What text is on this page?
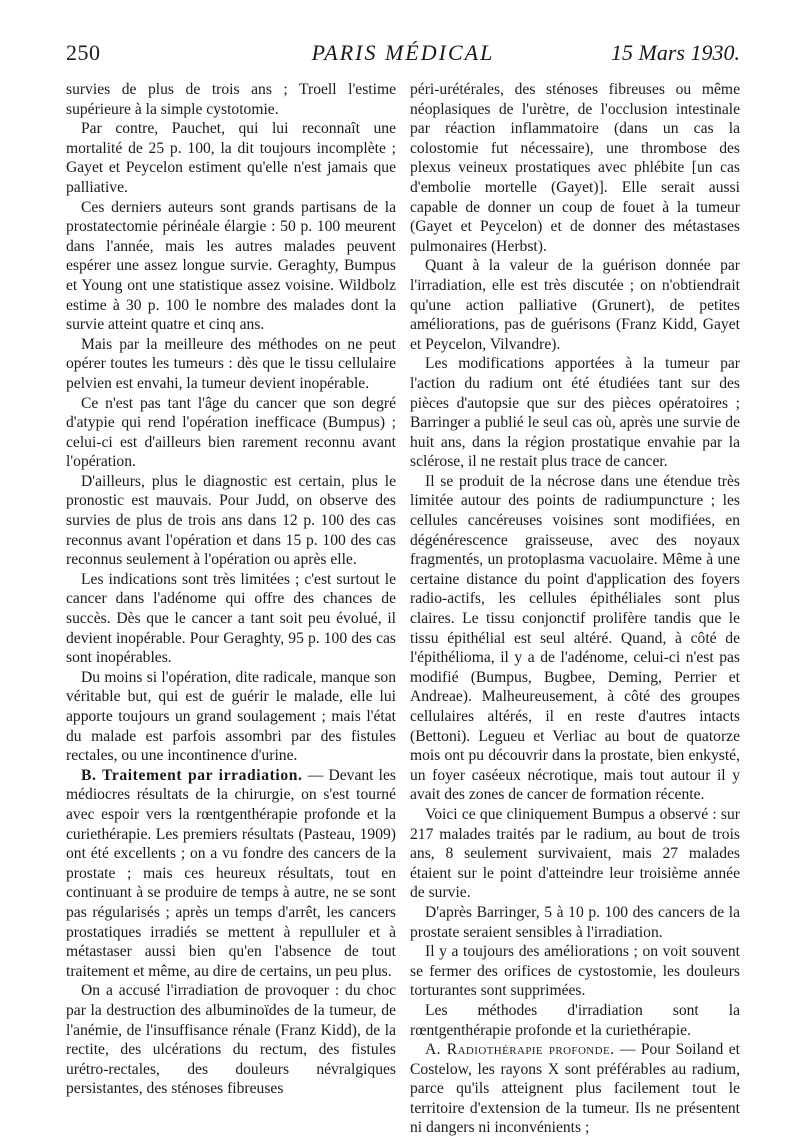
250	PARIS MÉDICAL	15 Mars 1930.

survies de plus de trois ans ; Troell l'estime supérieure à la simple cystotomie.

Par contre, Pauchet, qui lui reconnaît une mortalité de 25 p. 100, la dit toujours incomplète ; Gayet et Peycelon estiment qu'elle n'est jamais que palliative.

Ces derniers auteurs sont grands partisans de la prostatectomie périnéale élargie : 50 p. 100 meurent dans l'année, mais les autres malades peuvent espérer une assez longue survie. Geraghty, Bumpus et Young ont une statistique assez voisine. Wildbolz estime à 30 p. 100 le nombre des malades dont la survie atteint quatre et cinq ans.

Mais par la meilleure des méthodes on ne peut opérer toutes les tumeurs : dès que le tissu cellulaire pelvien est envahi, la tumeur devient inopérable.

Ce n'est pas tant l'âge du cancer que son degré d'atypie qui rend l'opération inefficace (Bumpus) ; celui-ci est d'ailleurs bien rarement reconnu avant l'opération.

D'ailleurs, plus le diagnostic est certain, plus le pronostic est mauvais. Pour Judd, on observe des survies de plus de trois ans dans 12 p. 100 des cas reconnus avant l'opération et dans 15 p. 100 des cas reconnus seulement à l'opération ou après elle.

Les indications sont très limitées ; c'est surtout le cancer dans l'adénome qui offre des chances de succès. Dès que le cancer a tant soit peu évolué, il devient inopérable. Pour Geraghty, 95 p. 100 des cas sont inopérables.

Du moins si l'opération, dite radicale, manque son véritable but, qui est de guérir le malade, elle lui apporte toujours un grand soulagement ; mais l'état du malade est parfois assombri par des fistules rectales, ou une incontinence d'urine.

B. Traitement par irradiation. — Devant les médiocres résultats de la chirurgie, on s'est tourné avec espoir vers la rœntgenthérapie profonde et la curiethérapie. Les premiers résultats (Pasteau, 1909) ont été excellents ; on a vu fondre des cancers de la prostate ; mais ces heureux résultats, tout en continuant à se produire de temps à autre, ne se sont pas régularisés ; après un temps d'arrêt, les cancers prostatiques irradiés se mettent à repulluler et à métastaser aussi bien qu'en l'absence de tout traitement et même, au dire de certains, un peu plus.

On a accusé l'irradiation de provoquer : du choc par la destruction des albuminoïdes de la tumeur, de l'anémie, de l'insuffisance rénale (Franz Kidd), de la rectite, des ulcérations du rectum, des fistules urétro-rectales, des douleurs névralgiques persistantes, des sténoses fibreuses

péri-urétérales, des sténoses fibreuses ou même néoplasiques de l'urètre, de l'occlusion intestinale par réaction inflammatoire (dans un cas la colostomie fut nécessaire), une thrombose des plexus veineux prostatiques avec phlébite [un cas d'embolie mortelle (Gayet)]. Elle serait aussi capable de donner un coup de fouet à la tumeur (Gayet et Peycelon) et de donner des métastases pulmonaires (Herbst).

Quant à la valeur de la guérison donnée par l'irradiation, elle est très discutée ; on n'obtiendrait qu'une action palliative (Grunert), de petites améliorations, pas de guérisons (Franz Kidd, Gayet et Peycelon, Vilvandre).

Les modifications apportées à la tumeur par l'action du radium ont été étudiées tant sur des pièces d'autopsie que sur des pièces opératoires ; Barringer a publié le seul cas où, après une survie de huit ans, dans la région prostatique envahie par la sclérose, il ne restait plus trace de cancer.

Il se produit de la nécrose dans une étendue très limitée autour des points de radiumpuncture ; les cellules cancéreuses voisines sont modifiées, en dégénérescence graisseuse, avec des noyaux fragmentés, un protoplasma vacuolaire. Même à une certaine distance du point d'application des foyers radio-actifs, les cellules épithéliales sont plus claires. Le tissu conjonctif prolifère tandis que le tissu épithélial est seul altéré. Quand, à côté de l'épithélioma, il y a de l'adénome, celui-ci n'est pas modifié (Bumpus, Bugbee, Deming, Perrier et Andreae). Malheureusement, à côté des groupes cellulaires altérés, il en reste d'autres intacts (Bettoni). Legueu et Verliac au bout de quatorze mois ont pu découvrir dans la prostate, bien enkysté, un foyer caséeux nécrotique, mais tout autour il y avait des zones de cancer de formation récente.

Voici ce que cliniquement Bumpus a observé : sur 217 malades traités par le radium, au bout de trois ans, 8 seulement survivaient, mais 27 malades étaient sur le point d'atteindre leur troisième année de survie.

D'après Barringer, 5 à 10 p. 100 des cancers de la prostate seraient sensibles à l'irradiation.

Il y a toujours des améliorations ; on voit souvent se fermer des orifices de cystostomie, les douleurs torturantes sont supprimées.

Les méthodes d'irradiation sont la rœntgenthérapie profonde et la curiethérapie.

A. Radiothérapie profonde. — Pour Soiland et Costelow, les rayons X sont préférables au radium, parce qu'ils atteignent plus facilement tout le territoire d'extension de la tumeur. Ils ne présentent ni dangers ni inconvénients ;
